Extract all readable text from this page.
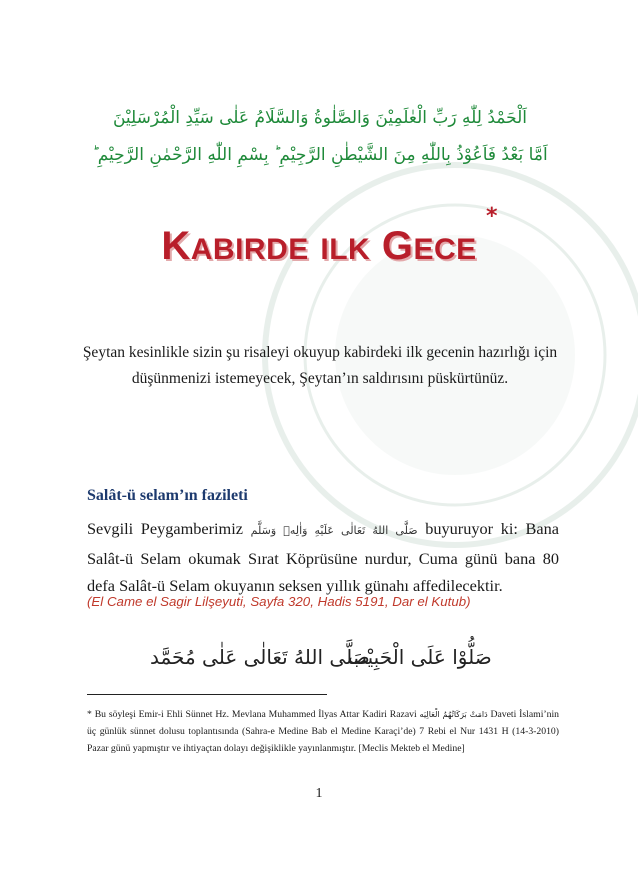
اَلْحَمْدُ لِلّٰهِ رَبِّ الْعٰلَمِيْنَ وَالصَّلٰوةُ وَالسَّلَامُ عَلٰى سَيِّدِ الْمُرْسَلِيْنَ
اَمَّا بَعْدُ فَاَعُوْذُ بِاللّٰهِ مِنَ الشَّيْطٰنِ الرَّجِيْمِ ؕ بِسْمِ اللّٰهِ الرَّحْمٰنِ الرَّحِيْمِ ؕ
KABIRDE ILK GECE
*
Şeytan kesinlikle sizin şu risaleyi okuyup kabirdeki ilk gecenin hazırlığı için düşünmenizi istemeyecek, Şeytan’ın saldırısını püskürtünüz.
Salât-ü selam’ın fazileti
Sevgili Peygamberimiz صَلَّى اللهُ تَعَالٰى عَلَيْهِ وَاٰلِهٖ وَسَلَّم buyuruyor ki: Bana Salât-ü Selam okumak Sırat Köprüsüne nurdur, Cuma günü bana 80 defa Salât-ü Selam okuyanın seksen yıllık günahı affedilecektir.
(El Came el Sagir Lilşeyuti, Sayfa 320, Hadis 5191, Dar el Kutub)
صَلُّوْا عَلَى الْحَبِيْب
صَلَّى اللهُ تَعَالٰى عَلٰى مُحَمَّد
* Bu söyleşi Emir-i Ehli Sünnet Hz. Mevlana Muhammed İlyas Attar Kadiri Razavi دَامَتْ بَرَكَاتُهُمُ الْعَالِيَه Daveti İslami’nin üç günlük sünnet dolusu toplantısında (Sahra-e Medine Bab el Medine Karaçi’de) 7 Rebi el Nur 1431 H (14-3-2010) Pazar günü yapmıştır ve ihtiyaçtan dolayı değişiklikle yayınlanmıştır. [Meclis Mekteb el Medine]
1
